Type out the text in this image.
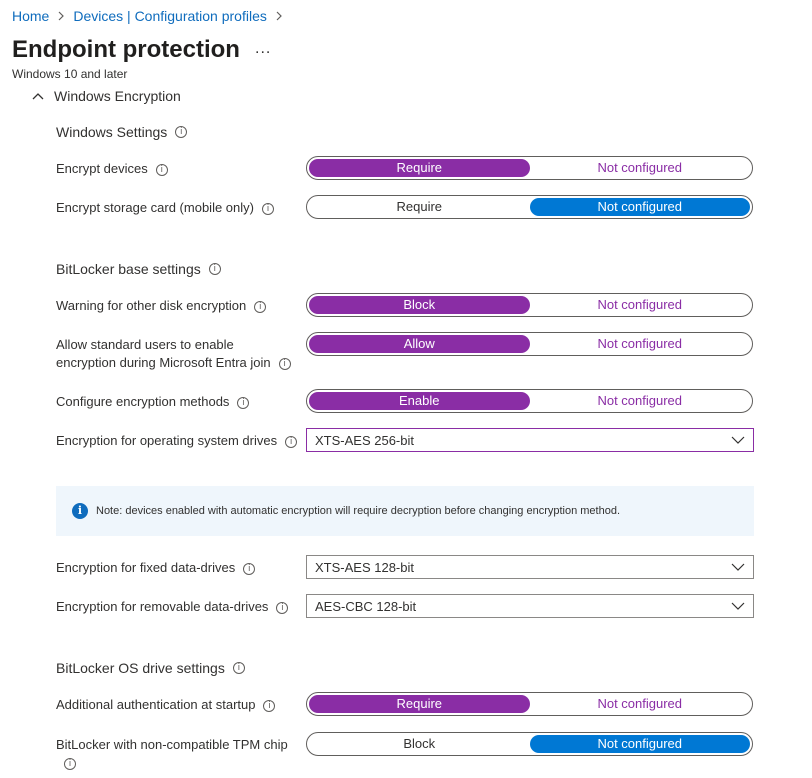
Home Devices | Configuration profiles
Endpoint protection ...
Windows 10 and later
Windows Encryption
Windows Settings	i
Encrypt devices i	Require	Not configured
Encrypt storage card (mobile only) i	Require	Not configured
BitLocker base settings	i
Warning for other disk encryption i	Block	Not configured
Allow standard users to enable
encryption during Microsoft Entra join i
Allow	Not configured
Configure encryption methods i	Enable	Not configured
Encryption for operating system drives i	XTS-AES 256-bit
i	Note: devices enabled with automatic encryption will require decryption before changing encryption method.
Encryption for fixed data-drives i	XTS-AES 128-bit
Encryption for removable data-drives i	AES-CBC 128-bit
BitLocker OS drive settings	i
Additional authentication at startup i	Require	Not configured
BitLocker with non-compatible TPM chip
i
Block	Not configured
